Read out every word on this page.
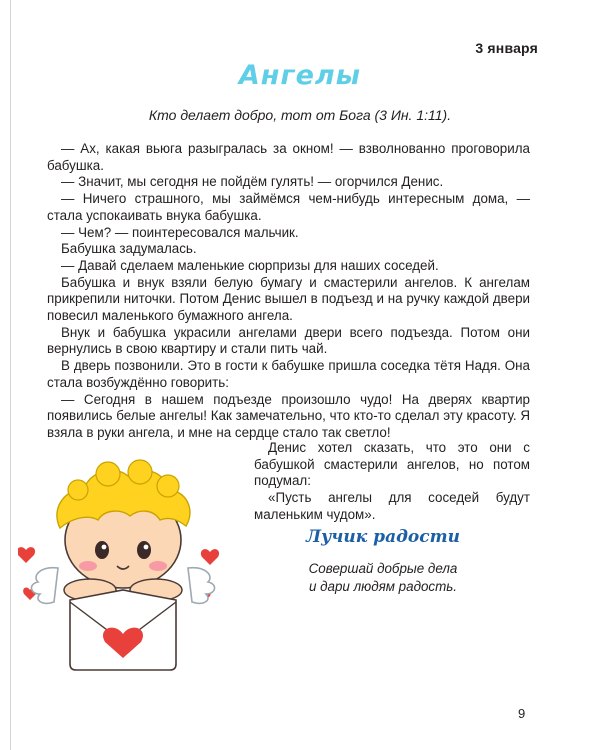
3 января
Ангелы
Кто делает добро, тот от Бога (3 Ин. 1:11).

— Ах, какая вьюга разыгралась за окном! — взволнованно проговорила бабушка.

— Значит, мы сегодня не пойдём гулять! — огорчился Денис.

— Ничего страшного, мы займёмся чем-нибудь интересным дома, — стала успокаивать внука бабушка.

— Чем? — поинтересовался мальчик.

Бабушка задумалась.

— Давай сделаем маленькие сюрпризы для наших соседей.

Бабушка и внук взяли белую бумагу и смастерили ангелов. К ангелам прикрепили ниточки. Потом Денис вышел в подъезд и на ручку каждой двери повесил маленького бумажного ангела.

Внук и бабушка украсили ангелами двери всего подъезда. Потом они вернулись в свою квартиру и стали пить чай.

В дверь позвонили. Это в гости к бабушке пришла соседка тётя Надя. Она стала возбуждённо говорить:

— Сегодня в нашем подъезде произошло чудо! На дверях квартир появились белые ангелы! Как замечательно, что кто-то сделал эту красоту. Я взяла в руки ангела, и мне на сердце стало так светло!

Денис хотел сказать, что это они с бабушкой смастерили ангелов, но потом подумал:

«Пусть ангелы для соседей будут маленьким чудом».

Лучик радости
Совершай добрые дела
и дари людям радость.
9
